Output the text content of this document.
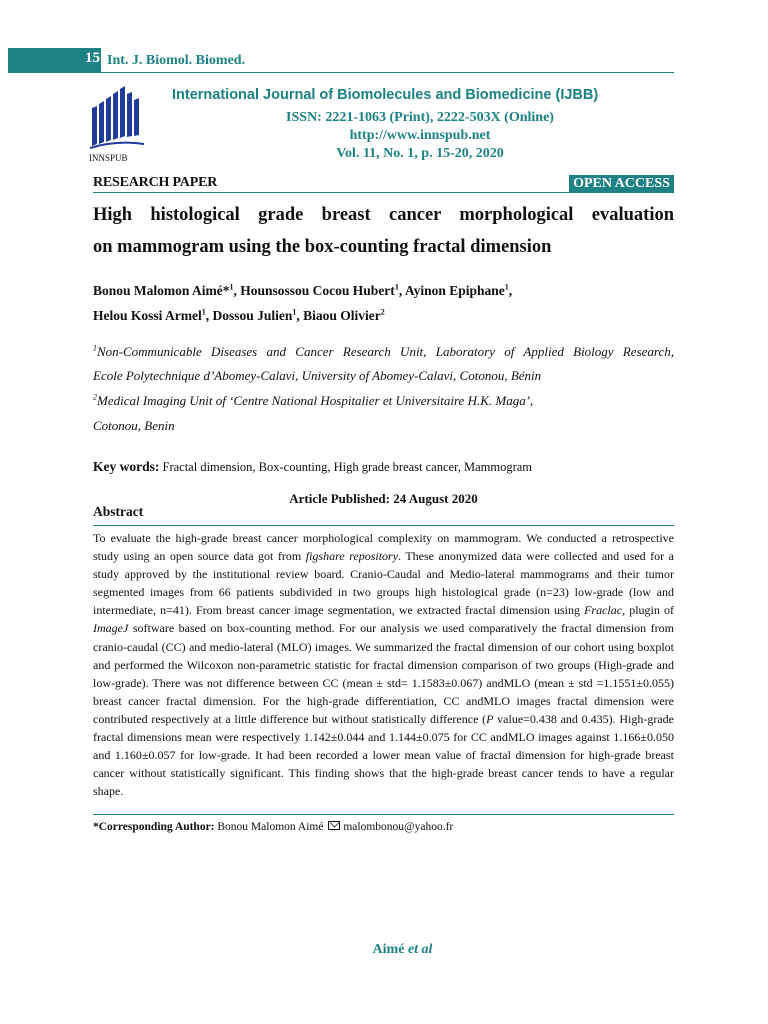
15 Int. J. Biomol. Biomed.
INNSPUB
International Journal of Biomolecules and Biomedicine (IJBB)
ISSN: 2221-1063 (Print), 2222-503X (Online)
http://www.innspub.net
Vol. 11, No. 1, p. 15-20, 2020
RESEARCH PAPER	OPEN ACCESS
High histological grade breast cancer morphological evaluation
on mammogram using the box-counting fractal dimension
Bonou Malomon Aimé*$^1$, Hounsossou Cocou Hubert$^1$, Ayinon Epiphane$^1$,
Helou Kossi Armel$^1$, Dossou Julien$^1$, Biaou Olivier$^2$
$^1$Non-Communicable Diseases and Cancer Research Unit, Laboratory of Applied Biology Research,
Ecole Polytechnique d’Abomey-Calavi, University of Abomey-Calavi, Cotonou, Bénin
$^2$Medical Imaging Unit of ‘Centre National Hospitalier et Universitaire H.K. Maga’,
Cotonou, Benin
Key words: Fractal dimension, Box-counting, High grade breast cancer, Mammogram
Article Published: 24 August 2020
Abstract
To evaluate the high-grade breast cancer morphological complexity on mammogram. We conducted a retrospective study using an open source data got from figshare repository. These anonymized data were collected and used for a study approved by the institutional review board. Cranio-Caudal and Medio-lateral mammograms and their tumor segmented images from 66 patients subdivided in two groups high histological grade (n=23) low-grade (low and intermediate, n=41). From breast cancer image segmentation, we extracted fractal dimension using Fraclac, plugin of ImageJ software based on box-counting method. For our analysis we used comparatively the fractal dimension from cranio-caudal (CC) and medio-lateral (MLO) images. We summarized the fractal dimension of our cohort using boxplot and performed the Wilcoxon non-parametric statistic for fractal dimension comparison of two groups (High-grade and low-grade). There was not difference between CC (mean ± std= 1.1583±0.067) andMLO (mean ± std =1.1551±0.055) breast cancer fractal dimension. For the high-grade differentiation, CC andMLO images fractal dimension were contributed respectively at a little difference but without statistically difference (P value=0.438 and 0.435). High-grade fractal dimensions mean were respectively 1.142±0.044 and 1.144±0.075 for CC andMLO images against 1.166±0.050 and 1.160±0.057 for low-grade. It had been recorded a lower mean value of fractal dimension for high-grade breast cancer without statistically significant. This finding shows that the high-grade breast cancer tends to have a regular shape.
*Corresponding Author: Bonou Malomon Aimé malombonou@yahoo.fr
Aimé et al
